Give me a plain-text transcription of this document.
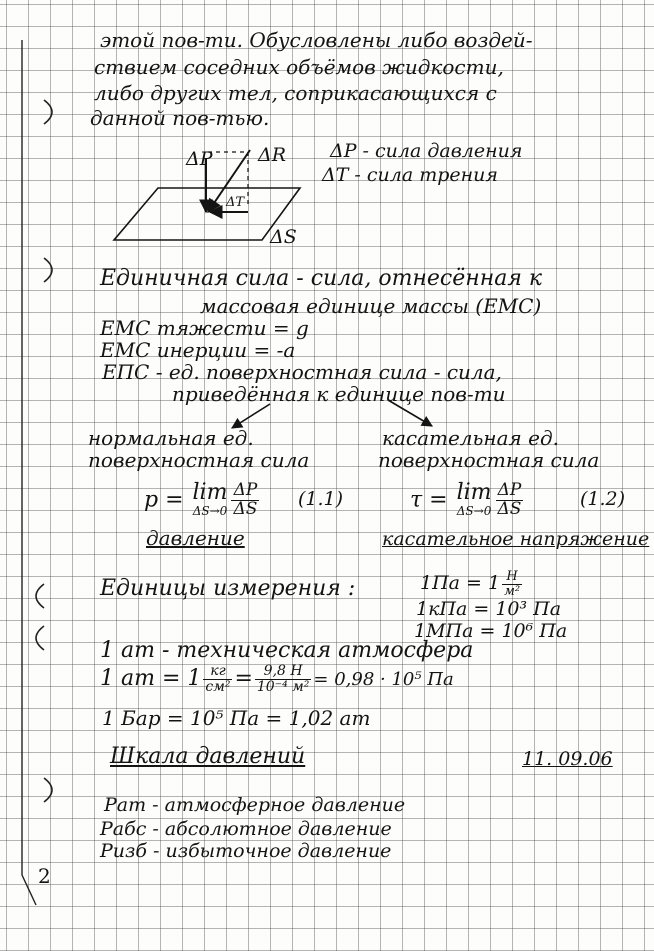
этой пов-ти. Обусловлены либо воздей-
ствием соседних объёмов жидкости,
либо других тел, соприкасающихся с
данной пов-тью.
ΔP ΔR
ΔT
ΔS
ΔP - сила давления
ΔT - сила трения
Единичная сила - сила, отнесённая к
массовая единице массы (ЕМС)
ЕМС тяжести = g
ЕМС инерции = -a
ЕПС - ед. поверхностная сила - сила,
приведённая к единице пов-ти
нормальная ед.
поверхностная сила
касательная ед.
поверхностная сила
p = lim
$\Delta S\to 0 \frac{\Delta P}{\Delta S} (1.1)$
давление
τ = lim
$\Delta S\to 0 \frac{\Delta P}{\Delta S}$	(1.2)
касательное напряжение
Единицы измерения :	$1Па = 1 \frac{Н}{\text{м²}}$
1кПа = 10³ Па
1МПа = 10⁶ Па
1 ат - техническая атмосфера
1 ат = $1 \frac{кг}{\text{см²}} = \frac{9,8 Н}{\text{10⁻⁴ м²}} = 0,98 \cdot 10^5$ Па
1 Бар = 10⁵ Па = 1,02 ат
Шкала давлений	11. 09.06
Pат - атмосферное давление
Pабс - абсолютное давление
Pизб - избыточное давление
2
